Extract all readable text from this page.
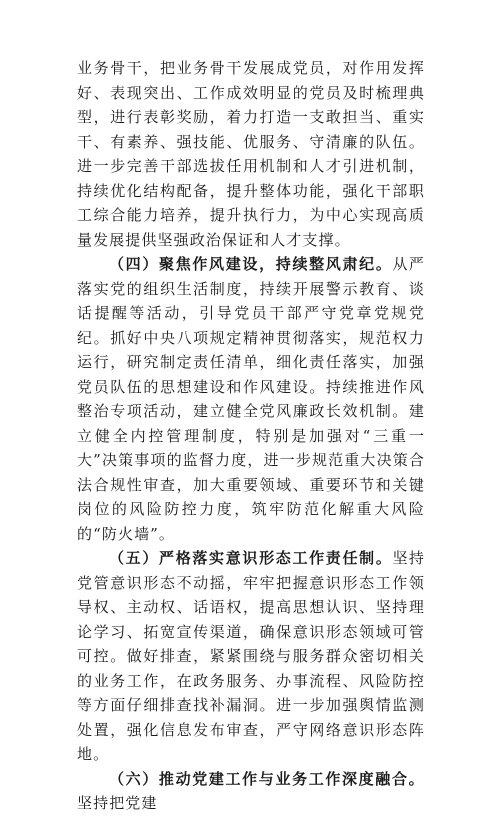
业务骨干，把业务骨干发展成党员，对作用发挥好、表现突出、工作成效明显的党员及时梳理典型，进行表彰奖励，着力打造一支敢担当、重实干、有素养、强技能、优服务、守清廉的队伍。进一步完善干部选拔任用机制和人才引进机制，持续优化结构配备，提升整体功能，强化干部职工综合能力培养，提升执行力，为中心实现高质量发展提供坚强政治保证和人才支撑。

（四）聚焦作风建设，持续整风肃纪。从严落实党的组织生活制度，持续开展警示教育、谈话提醒等活动，引导党员干部严守党章党规党纪。抓好中央八项规定精神贯彻落实，规范权力运行，研究制定责任清单，细化责任落实，加强党员队伍的思想建设和作风建设。持续推进作风整治专项活动，建立健全党风廉政长效机制。建立健全内控管理制度，特别是加强对“三重一大”决策事项的监督力度，进一步规范重大决策合法合规性审查，加大重要领域、重要环节和关键岗位的风险防控力度，筑牢防范化解重大风险的“防火墙”。

（五）严格落实意识形态工作责任制。坚持党管意识形态不动摇，牢牢把握意识形态工作领导权、主动权、话语权，提高思想认识、坚持理论学习、拓宽宣传渠道，确保意识形态领域可管可控。做好排查，紧紧围绕与服务群众密切相关的业务工作，在政务服务、办事流程、风险防控等方面仔细排查找补漏洞。进一步加强舆情监测处置，强化信息发布审查，严守网络意识形态阵地。

（六）推动党建工作与业务工作深度融合。坚持把党建
